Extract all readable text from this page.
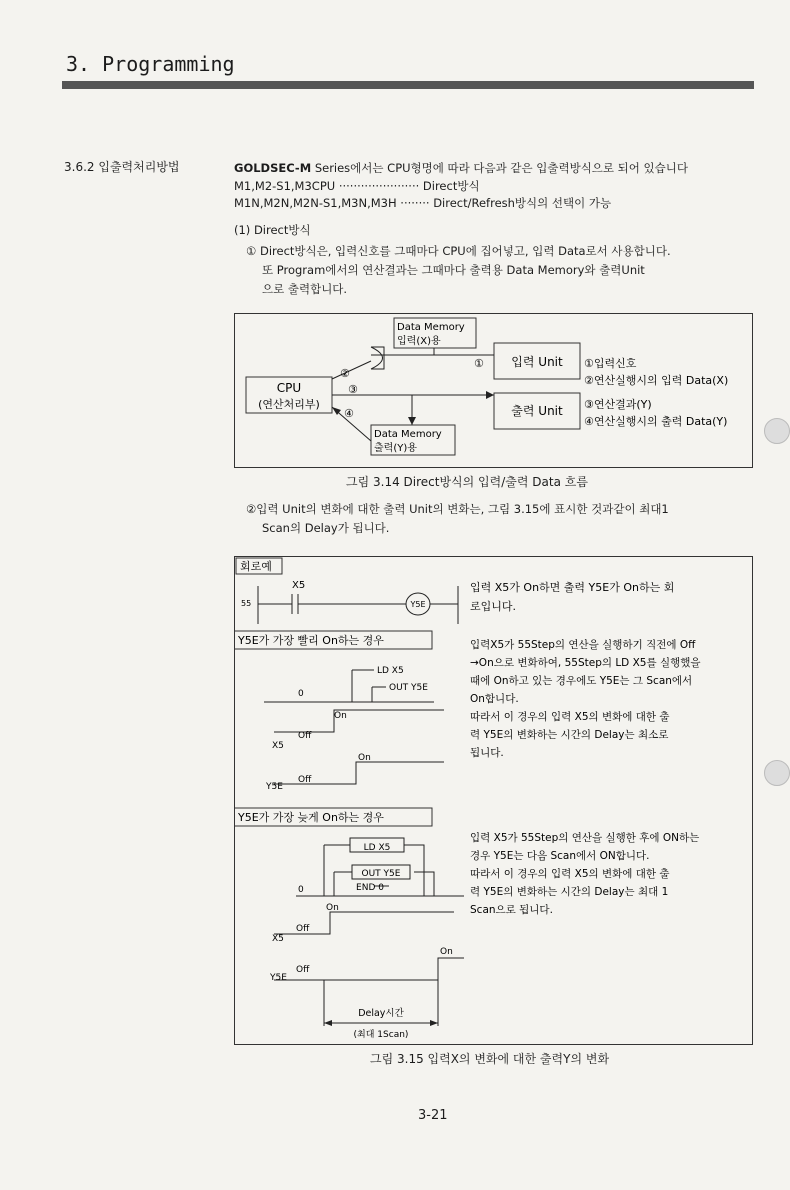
3. Programming
3.6.2 입출력처리방법	GOLDSEC-M Series에서는 CPU형명에 따라 다음과 같은 입출력방식으로 되어 있습니다
M1,M2-S1,M3CPU ······················ Direct방식
M1N,M2N,M2N-S1,M3N,M3H ········ Direct/Refresh방식의 선택이 가능
(1) Direct방식
① Direct방식은, 입력신호를 그때마다 CPU에 집어넣고, 입력 Data로서 사용합니다.
또 Program에서의 연산결과는 그때마다 출력용 Data Memory와 출력Unit
으로 출력합니다.
Data Memory
입력(X)용
CPU
(연산처리부)
입력 Unit
출력 Unit
Data Memory
출력(Y)용
②
③
④
①	①입력신호
②연산실행시의 입력 Data(X)
③연산결과(Y)
④연산실행시의 출력 Data(Y)
그림 3.14 Direct방식의 입력/출력 Data 흐름
②입력 Unit의 변화에 대한 출력 Unit의 변화는, 그림 3.15에 표시한 것과같이 최대1
Scan의 Delay가 됩니다.
회로예
55
X5
Y5E
입력 X5가 On하면 출력 Y5E가 On하는 회
로입니다.
Y5E가 가장 빨리 On하는 경우
LD X5
OUT Y5E
0
On
Off
X5
On
Off
Y5E
입력X5가 55Step의 연산을 실행하기 직전에 Off
→On으로 변화하여, 55Step의 LD X5를 실행했을
때에 On하고 있는 경우에도 Y5E는 그 Scan에서
On합니다.
따라서 이 경우의 입력 X5의 변화에 대한 출
력 Y5E의 변화하는 시간의 Delay는 최소로
됩니다.
Y5E가 가장 늦게 On하는 경우
LD X5
OUT Y5E
END 0
0
On
Off
X5
On
Off
Y5E
Delay시간
(최대 1Scan)
입력 X5가 55Step의 연산을 실행한 후에 ON하는
경우 Y5E는 다음 Scan에서 ON합니다.
따라서 이 경우의 입력 X5의 변화에 대한 출
력 Y5E의 변화하는 시간의 Delay는 최대 1
Scan으로 됩니다.
그림 3.15 입력X의 변화에 대한 출력Y의 변화
3-21
